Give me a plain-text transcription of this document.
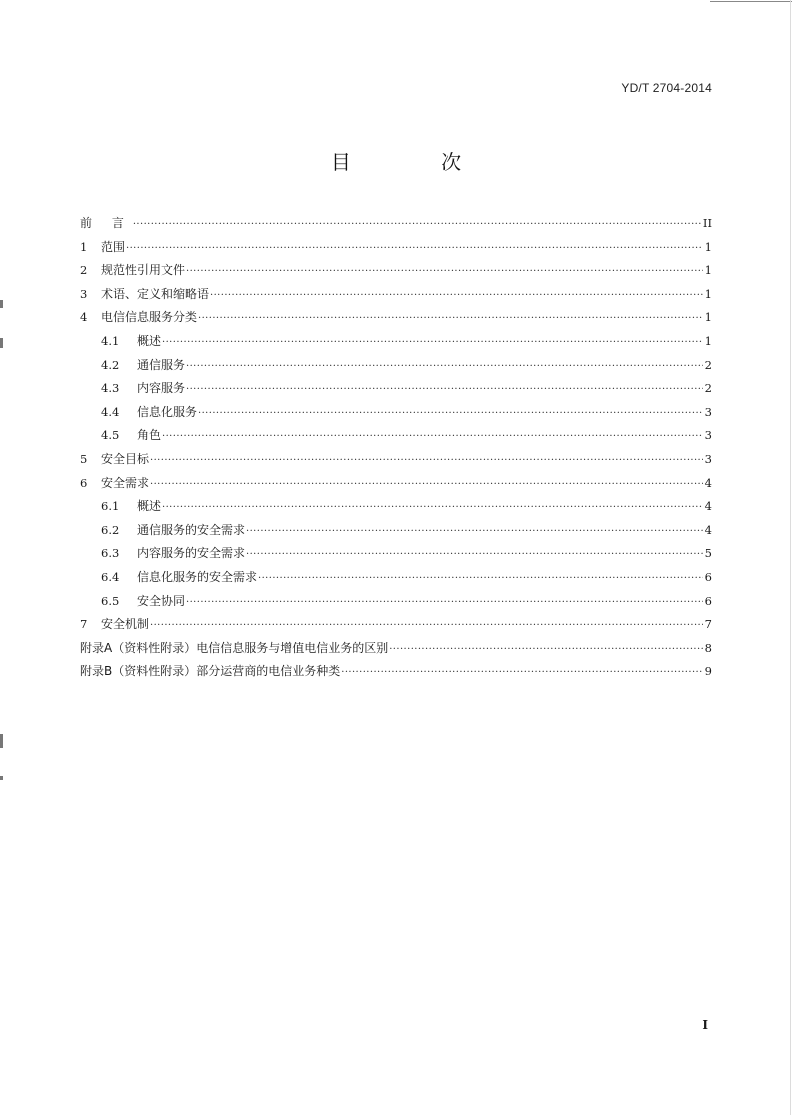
YD/T 2704-2014
目 次
前 言 ·····	II
1	范围 ·····	1
2	规范性引用文件 ·····	1
3	术语、定义和缩略语 ·····	1
4	电信信息服务分类 ·····	1
4.1	概述 ·····	1
4.2	通信服务 ·····	2
4.3	内容服务 ·····	2
4.4	信息化服务 ·····	3
4.5	角色 ·····	3
5	安全目标 ·····	3
6	安全需求 ·····	4
6.1	概述 ·····	4
6.2	通信服务的安全需求 ·····	4
6.3	内容服务的安全需求 ·····	5
6.4	信息化服务的安全需求 ·····	6
6.5	安全协同 ·····	6
7	安全机制 ·····	7
附录A（资料性附录）电信信息服务与增值电信业务的区别 ·····	8
附录B（资料性附录）部分运营商的电信业务种类 ·····	9
I
